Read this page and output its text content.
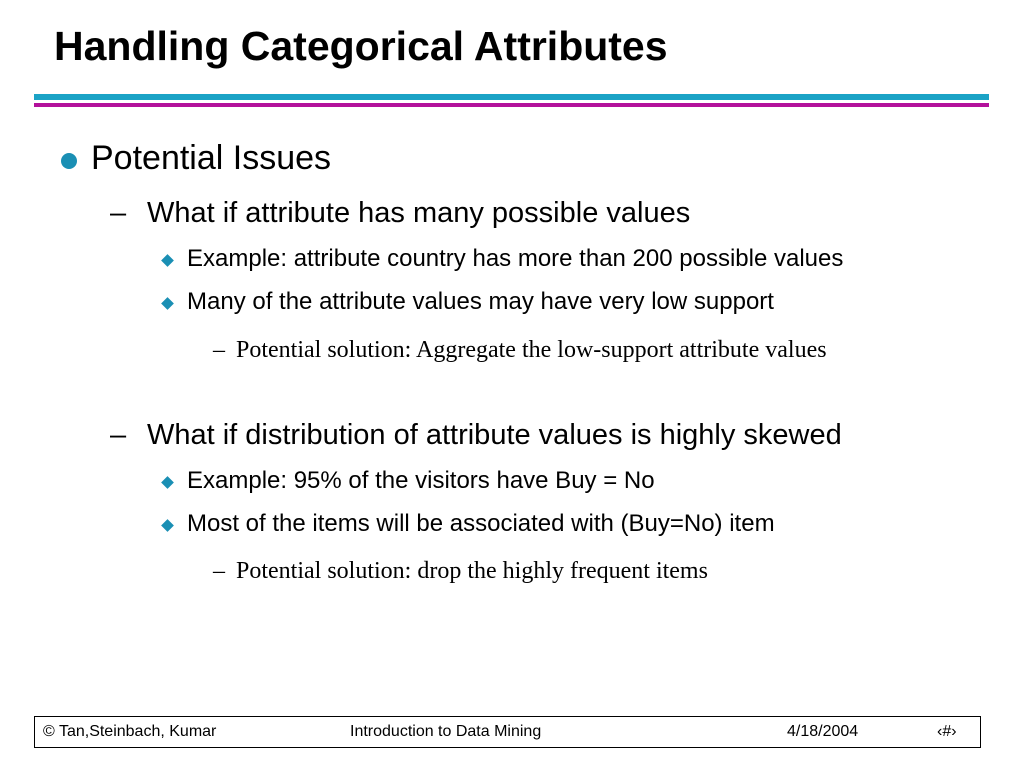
Handling Categorical Attributes
Potential Issues
– What if attribute has many possible values
Example: attribute country has more than 200 possible values
Many of the attribute values may have very low support
– Potential solution: Aggregate the low-support attribute values
– What if distribution of attribute values is highly skewed
Example: 95% of the visitors have Buy = No
Most of the items will be associated with (Buy=No) item
– Potential solution: drop the highly frequent items
© Tan,Steinbach, Kumar	Introduction to Data Mining	4/18/2004	‹#›
